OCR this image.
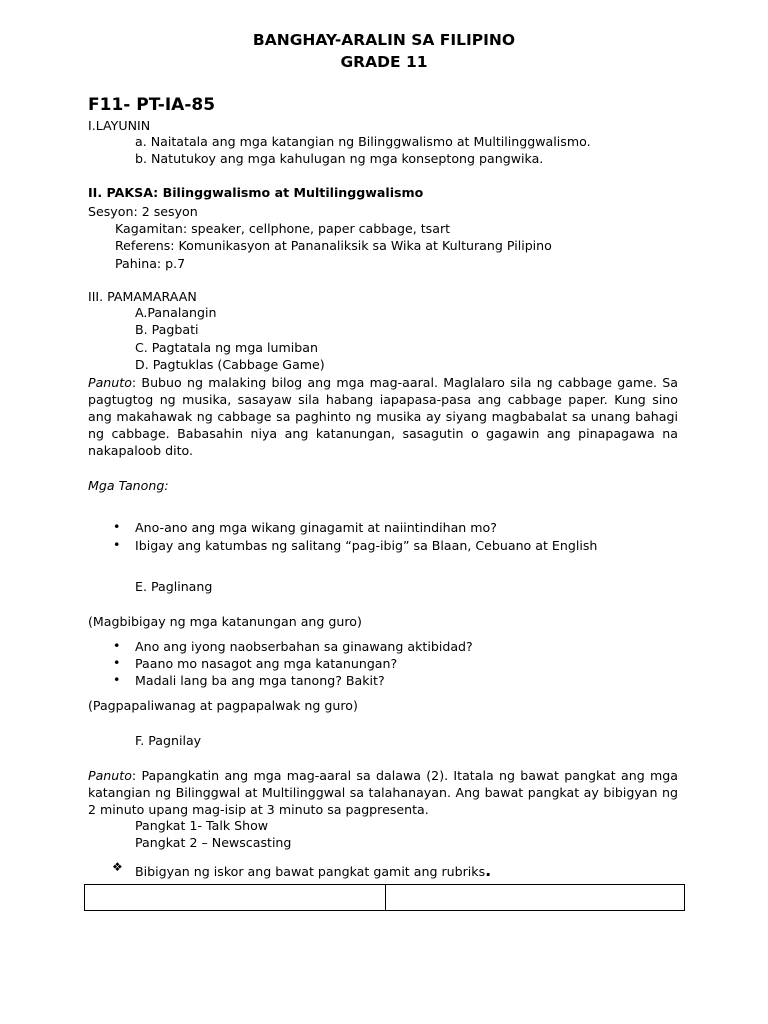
BANGHAY-ARALIN SA FILIPINO
GRADE 11
F11- PT-IA-85
I.LAYUNIN
a. Naitatala ang mga katangian ng Bilinggwalismo at Multilinggwalismo.
b. Natutukoy ang mga kahulugan ng mga konseptong pangwika.
II. PAKSA: Bilinggwalismo at Multilinggwalismo
Sesyon: 2 sesyon
Kagamitan: speaker, cellphone, paper cabbage, tsart
Referens: Komunikasyon at Pananaliksik sa Wika at Kulturang Pilipino
Pahina: p.7
III. PAMAMARAAN
A.Panalangin
B. Pagbati
C. Pagtatala ng mga lumiban
D. Pagtuklas (Cabbage Game)
Panuto: Bubuo ng malaking bilog ang mga mag-aaral. Maglalaro sila ng cabbage game. Sa pagtugtog ng musika, sasayaw sila habang iapapasa-pasa ang cabbage paper. Kung sino ang makahawak ng cabbage sa paghinto ng musika ay siyang magbabalat sa unang bahagi ng cabbage. Babasahin niya ang katanungan, sasagutin o gagawin ang pinapagawa na nakapaloob dito.
Mga Tanong:
• Ano-ano ang mga wikang ginagamit at naiintindihan mo?
• Ibigay ang katumbas ng salitang “pag-ibig” sa Blaan, Cebuano at English
E. Paglinang
(Magbibigay ng mga katanungan ang guro)
• Ano ang iyong naobserbahan sa ginawang aktibidad?
• Paano mo nasagot ang mga katanungan?
• Madali lang ba ang mga tanong? Bakit?
(Pagpapaliwanag at pagpapalwak ng guro)
F. Pagnilay
Panuto: Papangkatin ang mga mag-aaral sa dalawa (2). Itatala ng bawat pangkat ang mga katangian ng Bilinggwal at Multilinggwal sa talahanayan. Ang bawat pangkat ay bibigyan ng 2 minuto upang mag-isip at 3 minuto sa pagpresenta.
Pangkat 1- Talk Show
Pangkat 2 – Newscasting
❖ Bibigyan ng iskor ang bawat pangkat gamit ang rubriks.
